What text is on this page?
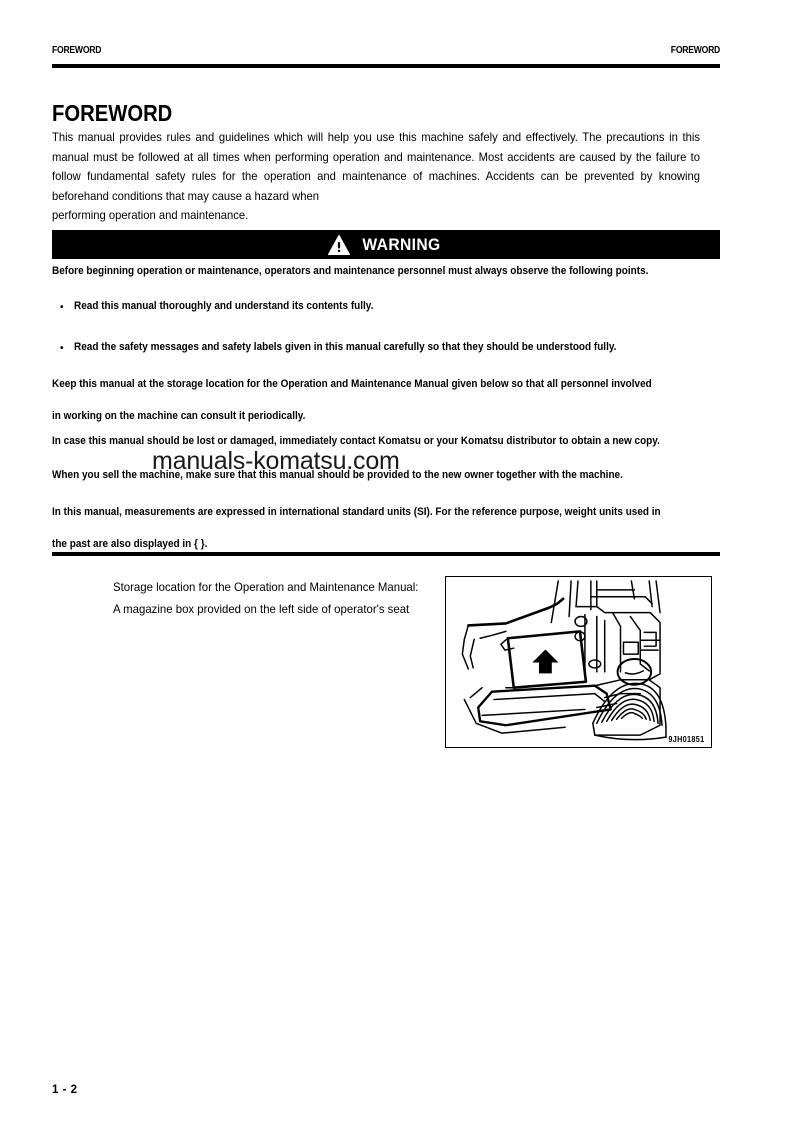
FOREWORD	FOREWORD
FOREWORD

This manual provides rules and guidelines which will help you use this machine safely and effectively. The precautions in this manual must be followed at all times when performing operation and maintenance. Most accidents are caused by the failure to follow fundamental safety rules for the operation and maintenance of machines. Accidents can be prevented by knowing beforehand conditions that may cause a hazard when

performing operation and maintenance.

WARNING
Before beginning operation or maintenance, operators and maintenance personnel must always observe the following points.
• Read this manual thoroughly and understand its contents fully.
• Read the safety messages and safety labels given in this manual carefully so that they should be understood fully.
Keep this manual at the storage location for the Operation and Maintenance Manual given below so that all personnel involved
in working on the machine can consult it periodically.
In case this manual should be lost or damaged, immediately contact Komatsu or your Komatsu distributor to obtain a new copy.
When you sell the machine, make sure that this manual should be provided to the new owner together with the machine.
In this manual, measurements are expressed in international standard units (SI). For the reference purpose, weight units used in
the past are also displayed in { }.
manuals-komatsu.com
Storage location for the Operation and Maintenance Manual:
A magazine box provided on the left side of operator's seat
9JH01851
1 - 2
